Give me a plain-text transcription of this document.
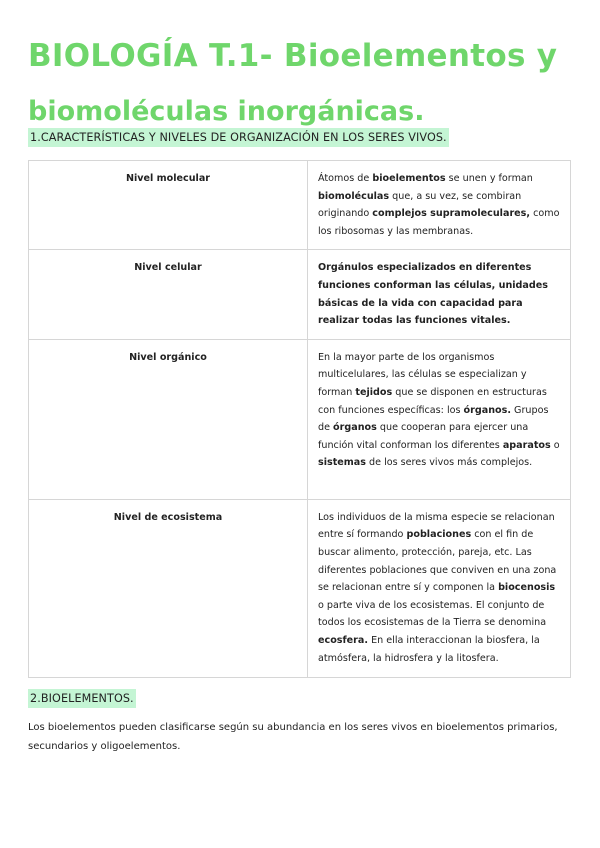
BIOLOGÍA T.1- Bioelementos y
biomoléculas inorgánicas.
1.CARACTERÍSTICAS Y NIVELES DE ORGANIZACIÓN EN LOS SERES VIVOS.
Nivel molecular	Átomos de bioelementos se unen y forman biomoléculas que, a su vez, se combiran originando complejos supramoleculares, como los ribosomas y las membranas.
Nivel celular	Orgánulos especializados en diferentes funciones conforman las células, unidades básicas de la vida con capacidad para realizar todas las funciones vitales.
Nivel orgánico	En la mayor parte de los organismos multicelulares, las células se especializan y forman tejidos que se disponen en estructuras con funciones específicas: los órganos. Grupos de órganos que cooperan para ejercer una función vital conforman los diferentes aparatos o sistemas de los seres vivos más complejos.
Nivel de ecosistema	Los individuos de la misma especie se relacionan entre sí formando poblaciones con el fin de buscar alimento, protección, pareja, etc. Las diferentes poblaciones que conviven en una zona se relacionan entre sí y componen la biocenosis o parte viva de los ecosistemas. El conjunto de todos los ecosistemas de la Tierra se denomina ecosfera. En ella interaccionan la biosfera, la atmósfera, la hidrosfera y la litosfera.
2.BIOELEMENTOS.

Los bioelementos pueden clasificarse según su abundancia en los seres vivos en bioelementos primarios, secundarios y oligoelementos.
